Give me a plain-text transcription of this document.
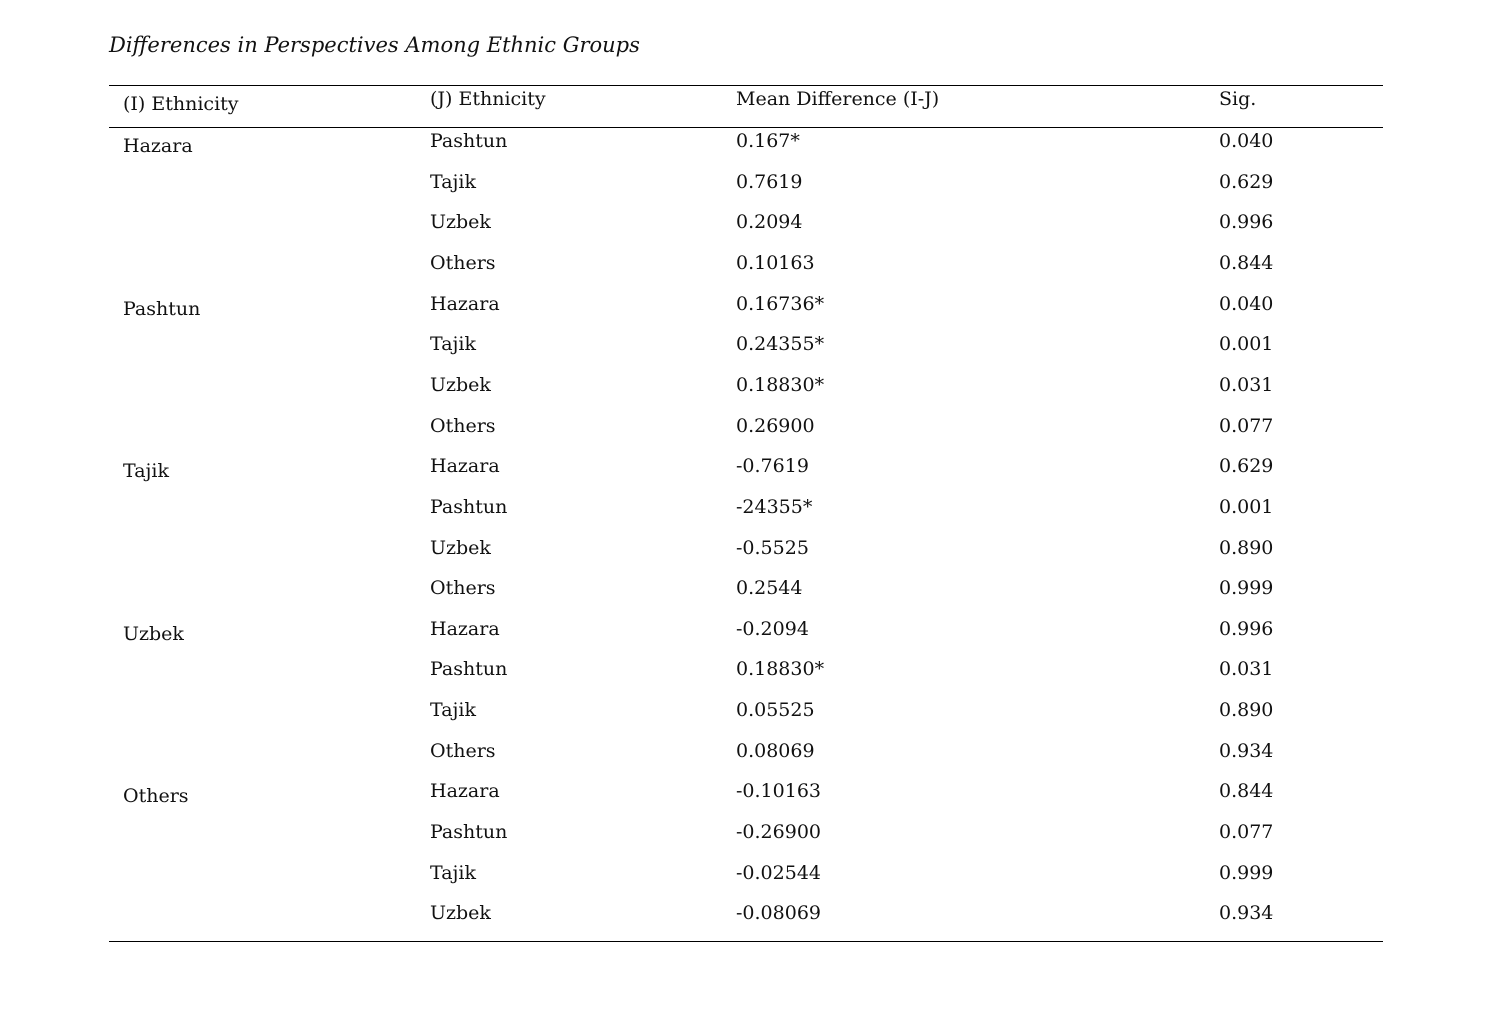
Differences in Perspectives Among Ethnic Groups
(I) Ethnicity	(J) Ethnicity	Mean Difference (I-J)	Sig.
Hazara	Pashtun	0.167*	0.040
Tajik	0.7619	0.629
Uzbek	0.2094	0.996
Others	0.10163	0.844
Pashtun	Hazara	0.16736*	0.040
Tajik	0.24355*	0.001
Uzbek	0.18830*	0.031
Others	0.26900	0.077
Tajik	Hazara	-0.7619	0.629
Pashtun	-24355*	0.001
Uzbek	-0.5525	0.890
Others	0.2544	0.999
Uzbek	Hazara	-0.2094	0.996
Pashtun	0.18830*	0.031
Tajik	0.05525	0.890
Others	0.08069	0.934
Others	Hazara	-0.10163	0.844
Pashtun	-0.26900	0.077
Tajik	-0.02544	0.999
Uzbek	-0.08069	0.934
